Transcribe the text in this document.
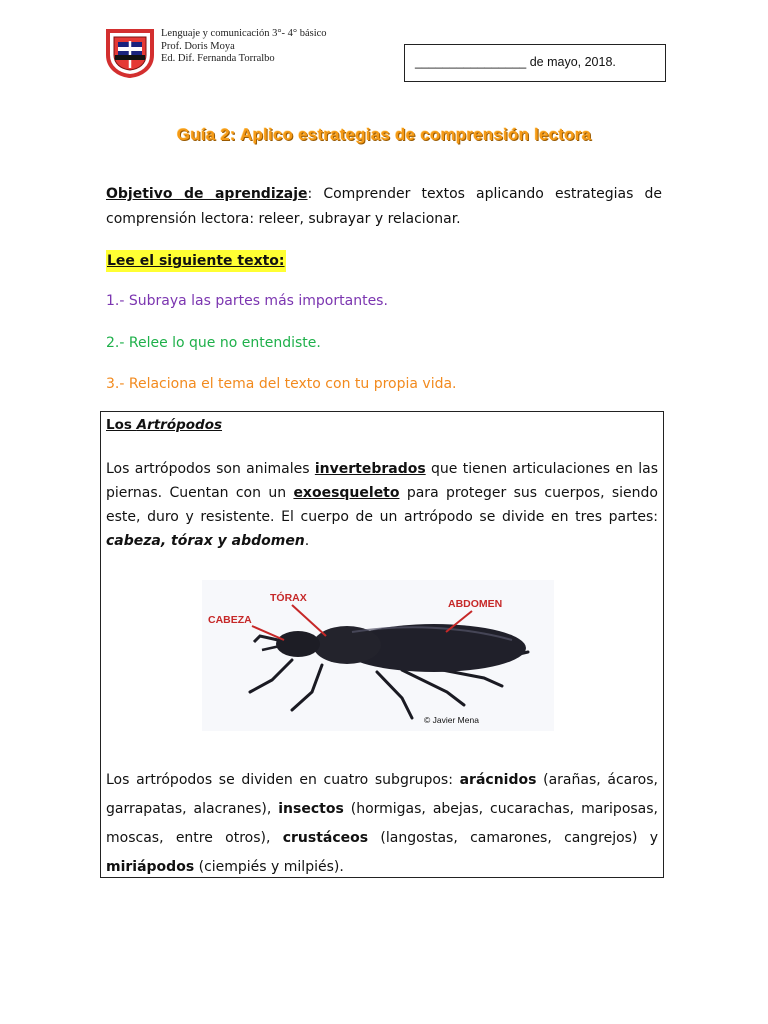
Lenguaje y comunicación 3°- 4° básico
Prof. Doris Moya
Ed. Dif. Fernanda Torralbo	________________ de mayo, 2018.
Guía 2: Aplico estrategias de comprensión lectora
Objetivo de aprendizaje: Comprender textos aplicando estrategias de comprensión lectora: releer, subrayar y relacionar.
Lee el siguiente texto:
1.- Subraya las partes más importantes.
2.- Relee lo que no entendiste.
3.- Relaciona el tema del texto con tu propia vida.
Los Artrópodos
Los artrópodos son animales invertebrados que tienen articulaciones en las piernas. Cuentan con un exoesqueleto para proteger sus cuerpos, siendo este, duro y resistente. El cuerpo de un artrópodo se divide en tres partes: cabeza, tórax y abdomen.
TÓRAX
CABEZA
ABDOMEN
© Javier Mena
Los artrópodos se dividen en cuatro subgrupos: arácnidos (arañas, ácaros, garrapatas, alacranes), insectos (hormigas, abejas, cucarachas, mariposas, moscas, entre otros), crustáceos (langostas, camarones, cangrejos) y miriápodos (ciempiés y milpiés).
